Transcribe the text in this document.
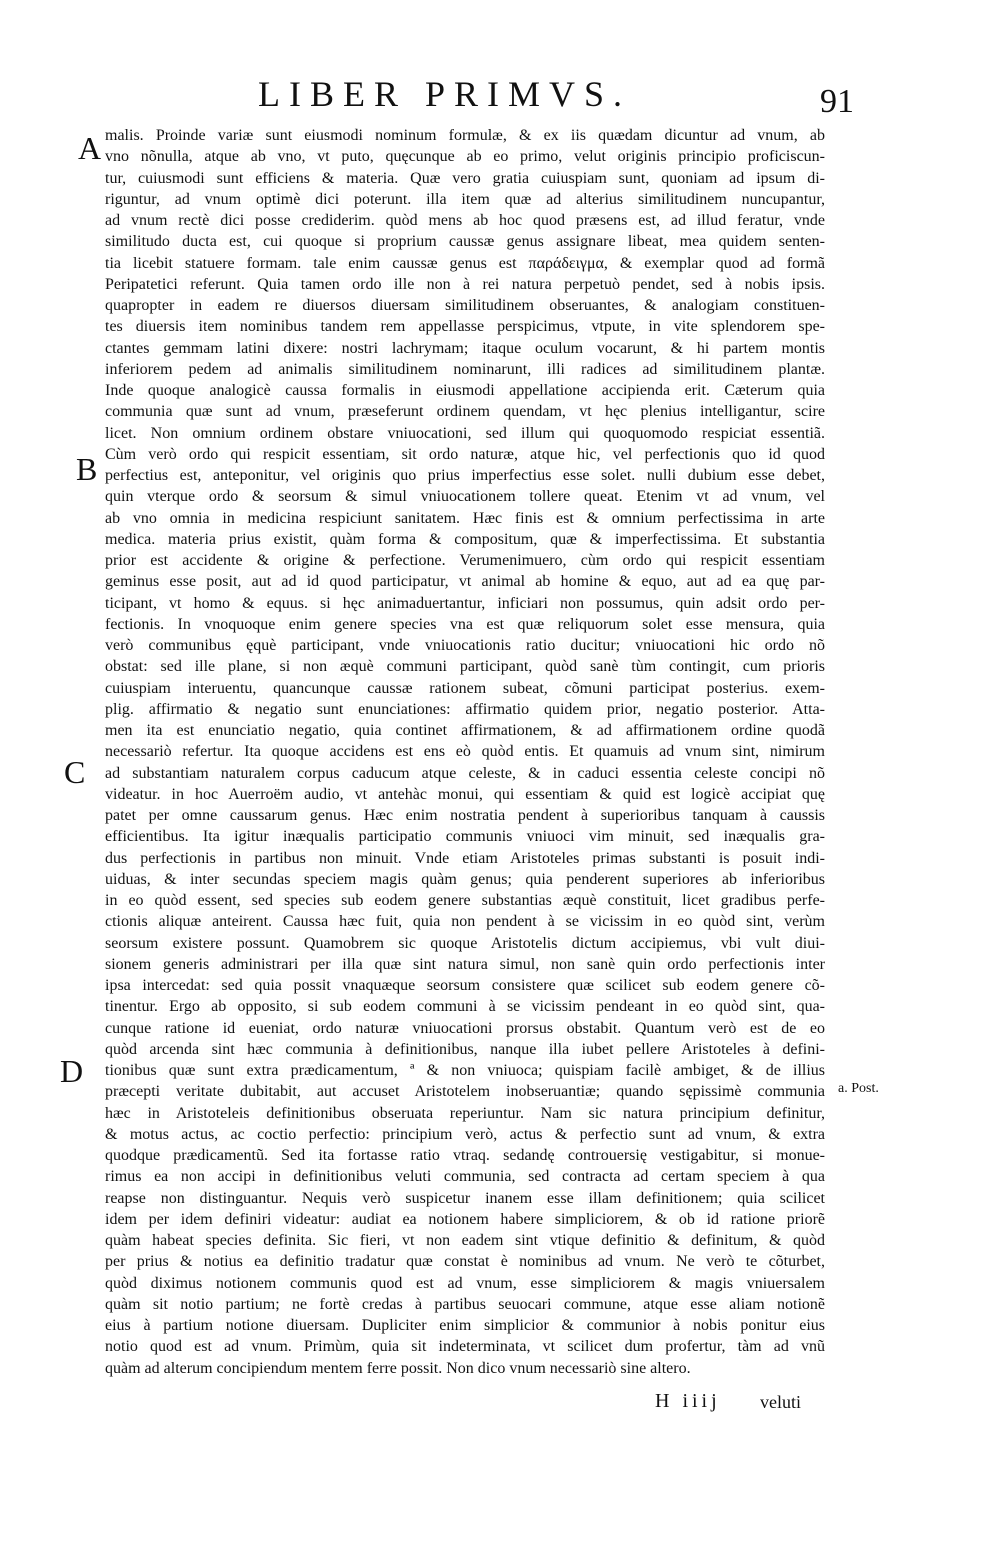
LIBER PRIMVS.	91
A
B
C
D
malis. Proinde variæ sunt eiusmodi nominum formulæ, & ex iis quædam dicuntur ad vnum, ab
vno nõnulla, atque ab vno, vt puto, quęcunque ab eo primo, velut originis principio proficiscun-
tur, cuiusmodi sunt efficiens & materia. Quæ vero gratia cuiuspiam sunt, quoniam ad ipsum di-
riguntur, ad vnum optimè dici poterunt. illa item quæ ad alterius similitudinem nuncupantur,
ad vnum rectè dici posse crediderim. quòd mens ab hoc quod præsens est, ad illud feratur, vnde
similitudo ducta est, cui quoque si proprium caussæ genus assignare libeat, mea quidem senten-
tia licebit statuere formam. tale enim caussæ genus est παράδειγμα, & exemplar quod ad formã
Peripatetici referunt. Quia tamen ordo ille non à rei natura perpetuò pendet, sed à nobis ipsis.
quapropter in eadem re diuersos diuersam similitudinem obseruantes, & analogiam constituen-
tes diuersis item nominibus tandem rem appellasse perspicimus, vtpute, in vite splendorem spe-
ctantes gemmam latini dixere: nostri lachrymam; itaque oculum vocarunt, & hi partem montis
inferiorem pedem ad animalis similitudinem nominarunt, illi radices ad similitudinem plantæ.
Inde quoque analogicè caussa formalis in eiusmodi appellatione accipienda erit. Cæterum quia
communia quæ sunt ad vnum, præseferunt ordinem quendam, vt hęc plenius intelligantur, scire
licet. Non omnium ordinem obstare vniuocationi, sed illum qui quoquomodo respiciat essentiã.
Cùm verò ordo qui respicit essentiam, sit ordo naturæ, atque hic, vel perfectionis quo id quod
perfectius est, anteponitur, vel originis quo prius imperfectius esse solet. nulli dubium esse debet,
quin vterque ordo & seorsum & simul vniuocationem tollere queat. Etenim vt ad vnum, vel
ab vno omnia in medicina respiciunt sanitatem. Hæc finis est & omnium perfectissima in arte
medica. materia prius existit, quàm forma & compositum, quæ & imperfectissima. Et substantia
prior est accidente & origine & perfectione. Verumenimuero, cùm ordo qui respicit essentiam
geminus esse posit, aut ad id quod participatur, vt animal ab homine & equo, aut ad ea quę par-
ticipant, vt homo & equus. si hęc animaduertantur, inficiari non possumus, quin adsit ordo per-
fectionis. In vnoquoque enim genere species vna est quæ reliquorum solet esse mensura, quia
verò communibus ęquè participant, vnde vniuocationis ratio ducitur; vniuocationi hic ordo nõ
obstat: sed ille plane, si non æquè communi participant, quòd sanè tùm contingit, cum prioris
cuiuspiam interuentu, quancunque caussæ rationem subeat, cõmuni participat posterius. exem-
plig. affirmatio & negatio sunt enunciationes: affirmatio quidem prior, negatio posterior. Atta-
men ita est enunciatio negatio, quia continet affirmationem, & ad affirmationem ordine quodã
necessariò refertur. Ita quoque accidens est ens eò quòd entis. Et quamuis ad vnum sint, nimirum
ad substantiam naturalem corpus caducum atque celeste, & in caduci essentia celeste concipi nõ
videatur. in hoc Auerroëm audio, vt antehàc monui, qui essentiam & quid est logicè accipiat quę
patet per omne caussarum genus. Hæc enim nostratia pendent à superioribus tanquam à caussis
efficientibus. Ita igitur inæqualis participatio communis vniuoci vim minuit, sed inæqualis gra-
dus perfectionis in partibus non minuit. Vnde etiam Aristoteles primas substanti is posuit indi-
uiduas, & inter secundas speciem magis quàm genus; quia penderent superiores ab inferioribus
in eo quòd essent, sed species sub eodem genere substantias æquè constituit, licet gradibus perfe-
ctionis aliquæ anteirent. Caussa hæc fuit, quia non pendent à se vicissim in eo quòd sint, verùm
seorsum existere possunt. Quamobrem sic quoque Aristotelis dictum accipiemus, vbi vult diui-
sionem generis administrari per illa quæ sint natura simul, non sanè quin ordo perfectionis inter
ipsa intercedat: sed quia possit vnaquæque seorsum consistere quæ scilicet sub eodem genere cõ-
tinentur. Ergo ab opposito, si sub eodem communi à se vicissim pendeant in eo quòd sint, qua-
cunque ratione id eueniat, ordo naturæ vniuocationi prorsus obstabit. Quantum verò est de eo
quòd arcenda sint hæc communia à definitionibus, nanque illa iubet pellere Aristoteles à defini-
tionibus quæ sunt extra prædicamentum, ª & non vniuoca; quispiam facilè ambiget, & de illius
præcepti veritate dubitabit, aut accuset Aristotelem inobseruantiæ; quando sępissimè communia
hæc in Aristoteleis definitionibus obseruata reperiuntur. Nam sic natura principium definitur,
& motus actus, ac coctio perfectio: principium verò, actus & perfectio sunt ad vnum, & extra
quodque prædicamentũ. Sed ita fortasse ratio vtraq. sedandę controuersię vestigabitur, si monue-
rimus ea non accipi in definitionibus veluti communia, sed contracta ad certam speciem à qua
reapse non distinguantur. Nequis verò suspicetur inanem esse illam definitionem; quia scilicet
idem per idem definiri videatur: audiat ea notionem habere simpliciorem, & ob id ratione priorẽ
quàm habeat species definita. Sic fieri, vt non eadem sint vtique definitio & definitum, & quòd
per prius & notius ea definitio tradatur quæ constat è nominibus ad vnum. Ne verò te cõturbet,
quòd diximus notionem communis quod est ad vnum, esse simpliciorem & magis vniuersalem
quàm sit notio partium; ne fortè credas à partibus seuocari commune, atque esse aliam notionẽ
eius à partium notione diuersam. Dupliciter enim simplicior & communior à nobis ponitur eius
notio quod est ad vnum. Primùm, quia sit indeterminata, vt scilicet dum profertur, tàm ad vnũ
quàm ad alterum concipiendum mentem ferre possit. Non dico vnum necessariò sine altero.
a. Post.
H iiij veluti
